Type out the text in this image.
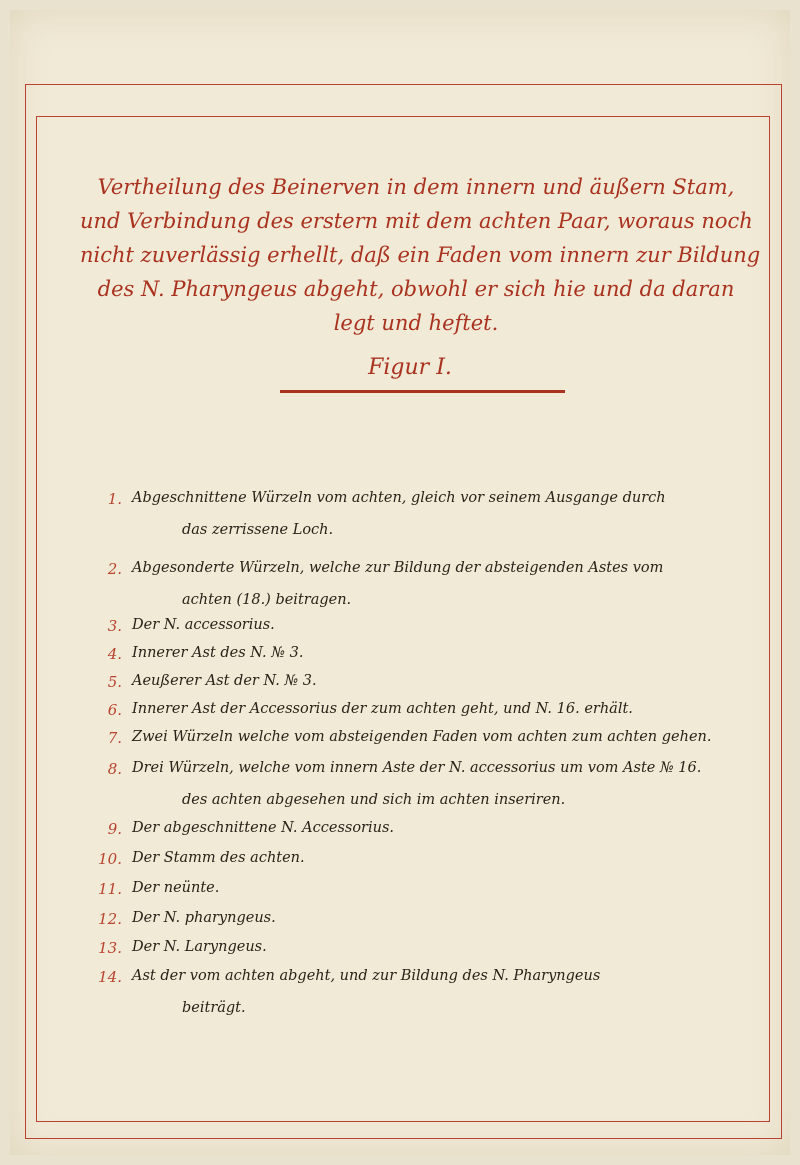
Vertheilung des Beinerven in dem innern und äußern Stam,
und Verbindung des erstern mit dem achten Paar, woraus noch
nicht zuverlässig erhellt, daß ein Faden vom innern zur Bildung
des N. Pharyngeus abgeht, obwohl er sich hie und da daran
legt und heftet.
Figur I.
1. Abgeschnittene Würzeln vom achten, gleich vor seinem Ausgange durch
das zerrissene Loch.
2. Abgesonderte Würzeln, welche zur Bildung der absteigenden Astes vom
achten (18.) beitragen.
3. Der N. accessorius.
4. Innerer Ast des N. № 3.
5. Aeußerer Ast der N. № 3.
6. Innerer Ast der Accessorius der zum achten geht, und N. 16. erhält.
7. Zwei Würzeln welche vom absteigenden Faden vom achten zum achten gehen.
8. Drei Würzeln, welche vom innern Aste der N. accessorius um vom Aste № 16.
des achten abgesehen und sich im achten inseriren.
9. Der abgeschnittene N. Accessorius.
10. Der Stamm des achten.
11. Der neünte.
12. Der N. pharyngeus.
13. Der N. Laryngeus.
14. Ast der vom achten abgeht, und zur Bildung des N. Pharyngeus
beiträgt.
